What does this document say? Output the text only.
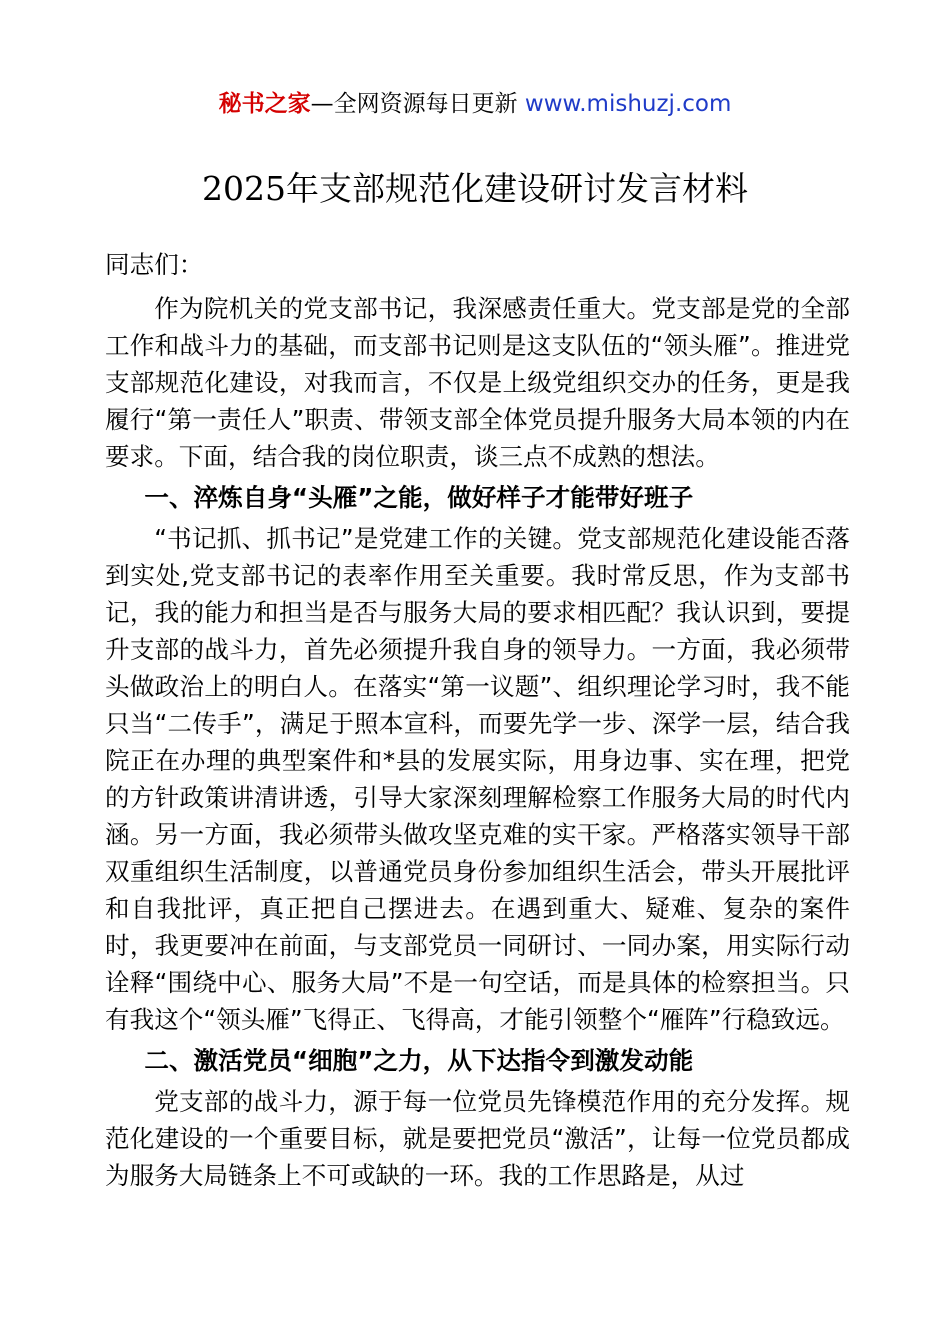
秘书之家—全网资源每日更新 www.mishuzj.com
2025年支部规范化建设研讨发言材料

同志们：

作为院机关的党支部书记，我深感责任重大。党支部是党的全部工作和战斗力的基础，而支部书记则是这支队伍的“领头雁”。推进党支部规范化建设，对我而言，不仅是上级党组织交办的任务，更是我履行“第一责任人”职责、带领支部全体党员提升服务大局本领的内在要求。下面，结合我的岗位职责，谈三点不成熟的想法。

一、淬炼自身“头雁”之能，做好样子才能带好班子

“书记抓、抓书记”是党建工作的关键。党支部规范化建设能否落到实处,党支部书记的表率作用至关重要。我时常反思，作为支部书记，我的能力和担当是否与服务大局的要求相匹配？我认识到，要提升支部的战斗力，首先必须提升我自身的领导力。一方面，我必须带头做政治上的明白人。在落实“第一议题”、组织理论学习时，我不能只当“二传手”，满足于照本宣科，而要先学一步、深学一层，结合我院正在办理的典型案件和*县的发展实际，用身边事、实在理，把党的方针政策讲清讲透，引导大家深刻理解检察工作服务大局的时代内涵。另一方面，我必须带头做攻坚克难的实干家。严格落实领导干部双重组织生活制度，以普通党员身份参加组织生活会，带头开展批评和自我批评，真正把自己摆进去。在遇到重大、疑难、复杂的案件时，我更要冲在前面，与支部党员一同研讨、一同办案，用实际行动诠释“围绕中心、服务大局”不是一句空话，而是具体的检察担当。只有我这个“领头雁”飞得正、飞得高，才能引领整个“雁阵”行稳致远。

二、激活党员“细胞”之力，从下达指令到激发动能

党支部的战斗力，源于每一位党员先锋模范作用的充分发挥。规范化建设的一个重要目标，就是要把党员“激活”，让每一位党员都成为服务大局链条上不可或缺的一环。我的工作思路是，从过
